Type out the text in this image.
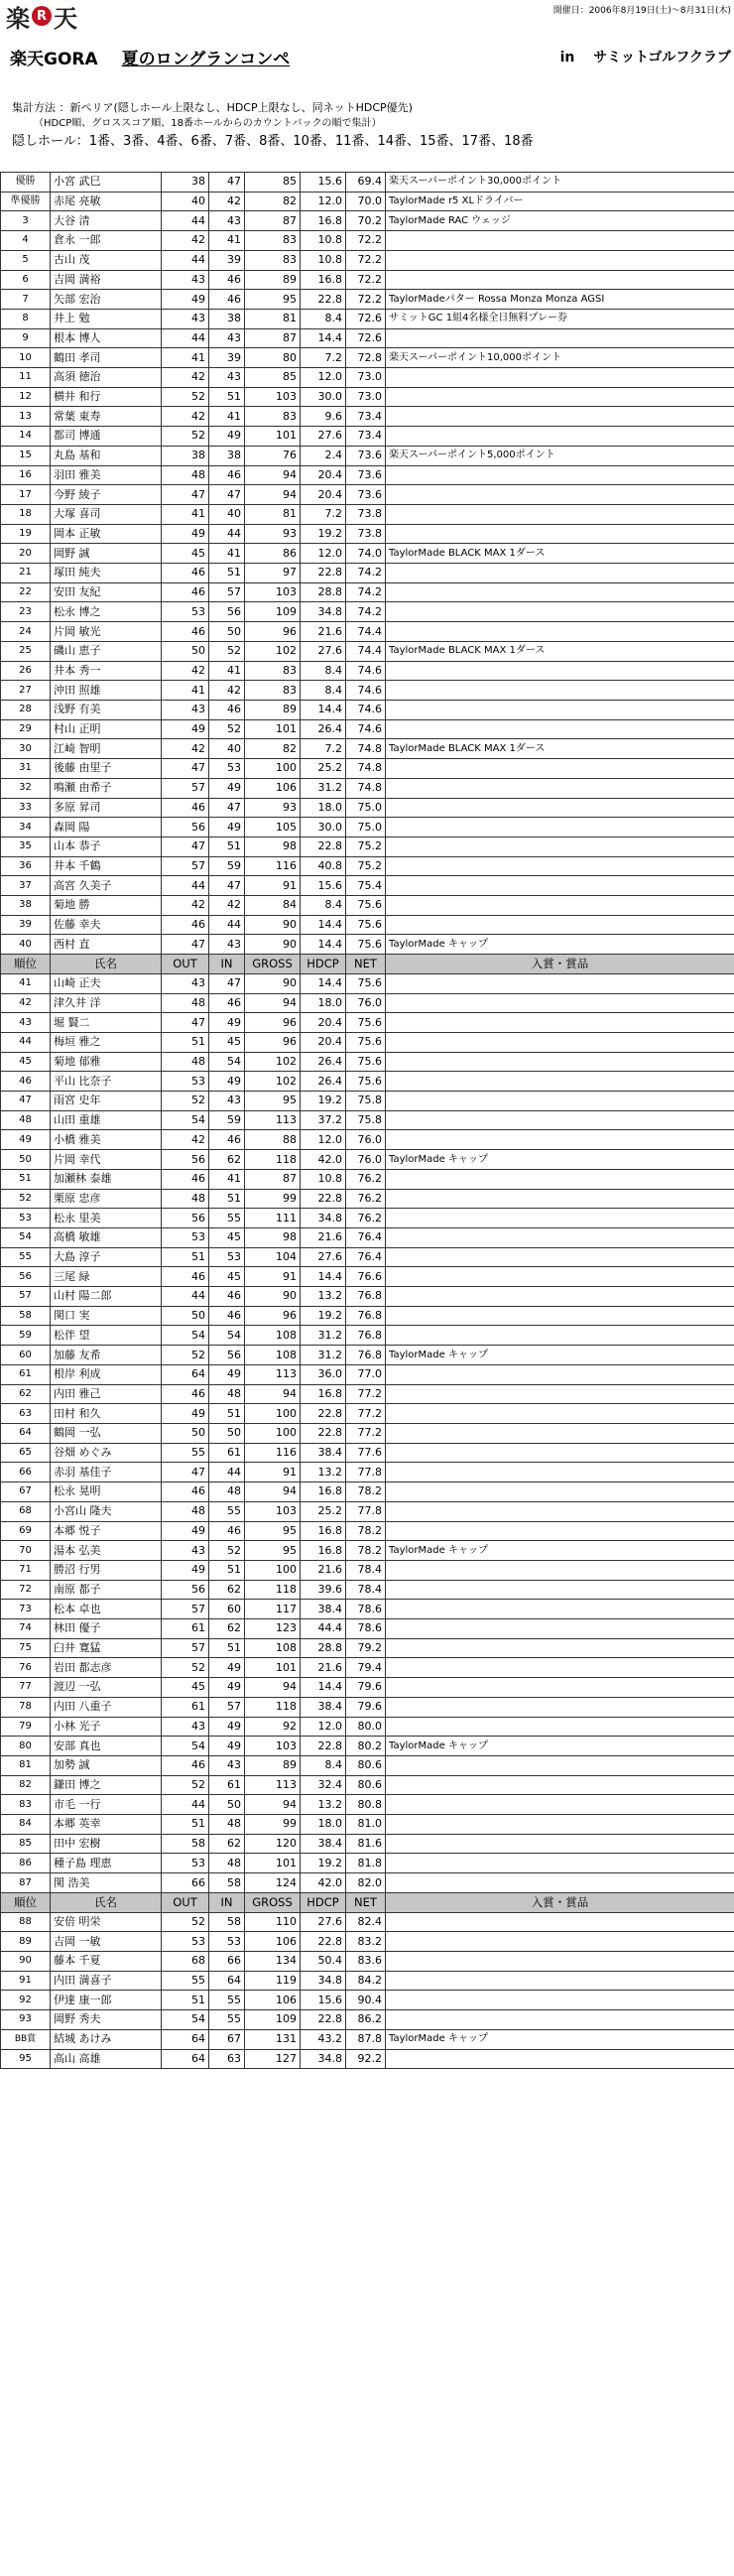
楽 R 天	開催日：2006年8月19日(土)～8月31日(木)
楽天GORA 夏のロングランコンペ	in サミットゴルフクラブ
集計方法 ：新ペリア(隠しホール上限なし、HDCP上限なし、同ネットHDCP優先)
（HDCP順、グロススコア順、18番ホールからのカウントバックの順で集計）
隠しホール：1番、3番、4番、6番、7番、8番、10番、11番、14番、15番、17番、18番
優勝	小宮 武巳	38	47	85	15.6	69.4	楽天スーパーポイント30,000ポイント
準優勝	赤尾 亮敏	40	42	82	12.0	70.0	TaylorMade r5 XLドライバー
3	大谷 清	44	43	87	16.8	70.2	TaylorMade RAC ウェッジ
4	倉永 一郎	42	41	83	10.8	72.2	
5	古山 茂	44	39	83	10.8	72.2	
6	吉岡 満裕	43	46	89	16.8	72.2	
7	矢部 宏治	49	46	95	22.8	72.2	TaylorMadeパター Rossa Monza Monza AGSI
8	井上 勉	43	38	81	8.4	72.6	サミットGC 1組4名様全日無料プレー券
9	根本 博人	44	43	87	14.4	72.6	
10	鶴田 孝司	41	39	80	7.2	72.8	楽天スーパーポイント10,000ポイント
11	高須 徳治	42	43	85	12.0	73.0	
12	横井 和行	52	51	103	30.0	73.0	
13	常葉 東寿	42	41	83	9.6	73.4	
14	都司 博通	52	49	101	27.6	73.4	
15	丸島 基和	38	38	76	2.4	73.6	楽天スーパーポイント5,000ポイント
16	羽田 雅美	48	46	94	20.4	73.6	
17	今野 綾子	47	47	94	20.4	73.6	
18	大塚 喜司	41	40	81	7.2	73.8	
19	岡本 正敏	49	44	93	19.2	73.8	
20	岡野 誠	45	41	86	12.0	74.0	TaylorMade BLACK MAX 1ダース
21	塚田 純夫	46	51	97	22.8	74.2	
22	安田 友紀	46	57	103	28.8	74.2	
23	松永 博之	53	56	109	34.8	74.2	
24	片岡 敏光	46	50	96	21.6	74.4	
25	磯山 恵子	50	52	102	27.6	74.4	TaylorMade BLACK MAX 1ダース
26	井本 秀一	42	41	83	8.4	74.6	
27	沖田 照雄	41	42	83	8.4	74.6	
28	浅野 有美	43	46	89	14.4	74.6	
29	村山 正明	49	52	101	26.4	74.6	
30	江崎 智明	42	40	82	7.2	74.8	TaylorMade BLACK MAX 1ダース
31	後藤 由里子	47	53	100	25.2	74.8	
32	鳴瀬 由希子	57	49	106	31.2	74.8	
33	多原 昇司	46	47	93	18.0	75.0	
34	森岡 陽	56	49	105	30.0	75.0	
35	山本 恭子	47	51	98	22.8	75.2	
36	井本 千鶴	57	59	116	40.8	75.2	
37	高宮 久美子	44	47	91	15.6	75.4	
38	菊地 勝	42	42	84	8.4	75.6	
39	佐藤 幸夫	46	44	90	14.4	75.6	
40	西村 直	47	43	90	14.4	75.6	TaylorMade キャップ
順位	氏名	OUT	IN	GROSS	HDCP	NET	入賞・賞品
41	山崎 正夫	43	47	90	14.4	75.6	
42	津久井 洋	48	46	94	18.0	76.0	
43	堀 賢二	47	49	96	20.4	75.6	
44	梅垣 雅之	51	45	96	20.4	75.6	
45	菊地 郁雅	48	54	102	26.4	75.6	
46	平山 比奈子	53	49	102	26.4	75.6	
47	雨宮 史年	52	43	95	19.2	75.8	
48	山田 重雄	54	59	113	37.2	75.8	
49	小橋 雅美	42	46	88	12.0	76.0	
50	片岡 幸代	56	62	118	42.0	76.0	TaylorMade キャップ
51	加瀬林 泰雄	46	41	87	10.8	76.2	
52	栗原 忠彦	48	51	99	22.8	76.2	
53	松永 里美	56	55	111	34.8	76.2	
54	高橋 敏雄	53	45	98	21.6	76.4	
55	大島 淳子	51	53	104	27.6	76.4	
56	三尾 緑	46	45	91	14.4	76.6	
57	山村 陽二郎	44	46	90	13.2	76.8	
58	関口 実	50	46	96	19.2	76.8	
59	松伴 望	54	54	108	31.2	76.8	
60	加藤 友希	52	56	108	31.2	76.8	TaylorMade キャップ
61	根岸 利成	64	49	113	36.0	77.0	
62	内田 雅己	46	48	94	16.8	77.2	
63	田村 和久	49	51	100	22.8	77.2	
64	鶴岡 一弘	50	50	100	22.8	77.2	
65	谷畑 めぐみ	55	61	116	38.4	77.6	
66	赤羽 基佳子	47	44	91	13.2	77.8	
67	松永 晃明	46	48	94	16.8	78.2	
68	小宮山 隆夫	48	55	103	25.2	77.8	
69	本郷 悦子	49	46	95	16.8	78.2	
70	湯本 弘美	43	52	95	16.8	78.2	TaylorMade キャップ
71	勝沼 行男	49	51	100	21.6	78.4	
72	南原 都子	56	62	118	39.6	78.4	
73	松本 卓也	57	60	117	38.4	78.6	
74	林田 優子	61	62	123	44.4	78.6	
75	臼井 寛猛	57	51	108	28.8	79.2	
76	岩田 都志彦	52	49	101	21.6	79.4	
77	渡辺 一弘	45	49	94	14.4	79.6	
78	内田 八重子	61	57	118	38.4	79.6	
79	小林 光子	43	49	92	12.0	80.0	
80	安部 真也	54	49	103	22.8	80.2	TaylorMade キャップ
81	加勢 誠	46	43	89	8.4	80.6	
82	鎌田 博之	52	61	113	32.4	80.6	
83	市毛 一行	44	50	94	13.2	80.8	
84	本郷 英幸	51	48	99	18.0	81.0	
85	田中 宏樹	58	62	120	38.4	81.6	
86	種子島 理恵	53	48	101	19.2	81.8	
87	関 浩美	66	58	124	42.0	82.0	
順位	氏名	OUT	IN	GROSS	HDCP	NET	入賞・賞品
88	安倍 明栄	52	58	110	27.6	82.4	
89	吉岡 一敏	53	53	106	22.8	83.2	
90	藤本 千夏	68	66	134	50.4	83.6	
91	内田 満喜子	55	64	119	34.8	84.2	
92	伊達 康一郎	51	55	106	15.6	90.4	
93	岡野 秀夫	54	55	109	22.8	86.2	
BB賞	結城 あけみ	64	67	131	43.2	87.8	TaylorMade キャップ
95	高山 高雄	64	63	127	34.8	92.2	
